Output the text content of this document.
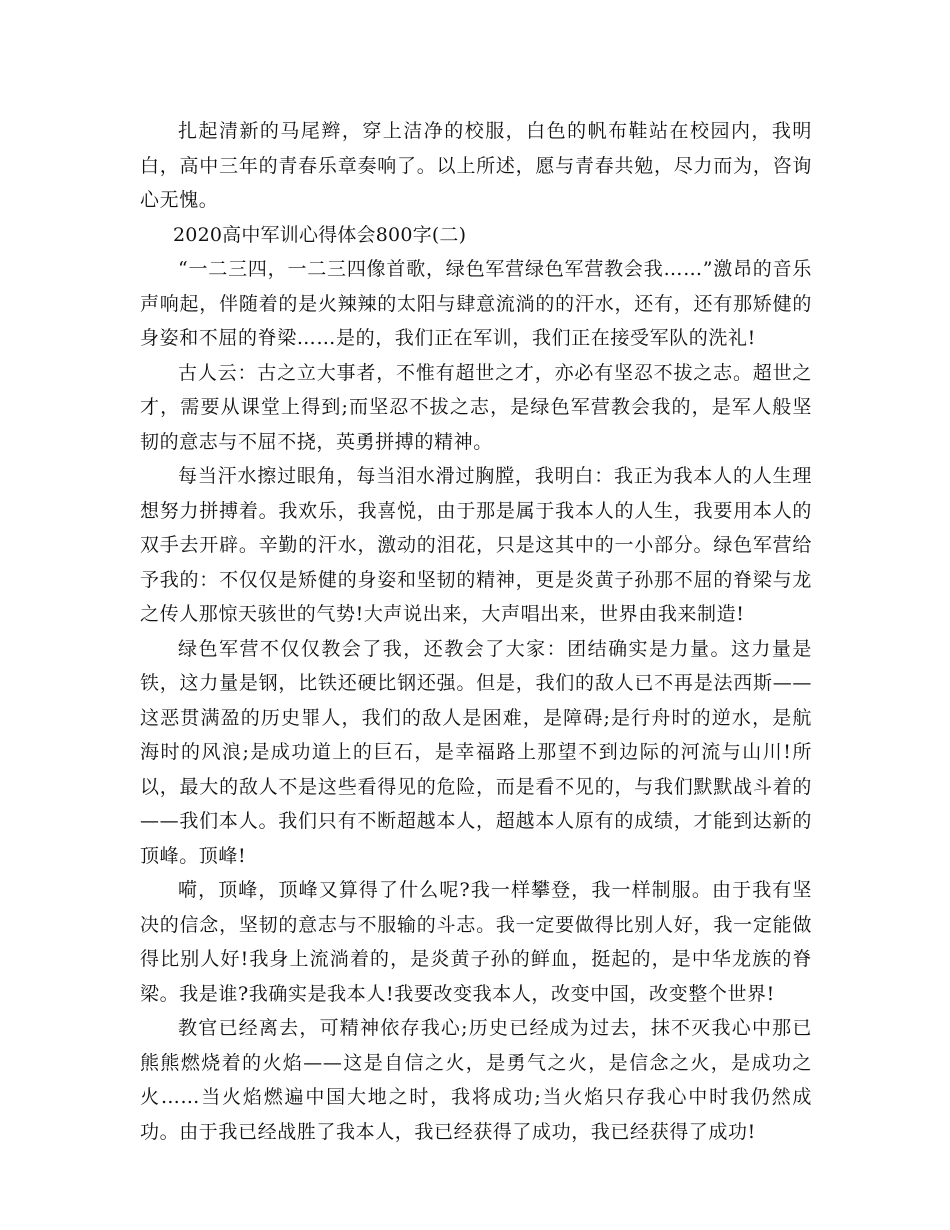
扎起清新的马尾辫，穿上洁净的校服，白色的帆布鞋站在校园内，我明白，高中三年的青春乐章奏响了。以上所述，愿与青春共勉，尽力而为，咨询心无愧。

2020高中军训心得体会800字(二)

“一二三四，一二三四像首歌，绿色军营绿色军营教会我……”激昂的音乐声响起，伴随着的是火辣辣的太阳与肆意流淌的的汗水，还有，还有那矫健的身姿和不屈的脊梁……是的，我们正在军训，我们正在接受军队的洗礼!

古人云：古之立大事者，不惟有超世之才，亦必有坚忍不拔之志。超世之才，需要从课堂上得到;而坚忍不拔之志，是绿色军营教会我的，是军人般坚韧的意志与不屈不挠，英勇拼搏的精神。

每当汗水擦过眼角，每当泪水滑过胸膛，我明白：我正为我本人的人生理想努力拼搏着。我欢乐，我喜悦，由于那是属于我本人的人生，我要用本人的双手去开辟。辛勤的汗水，激动的泪花，只是这其中的一小部分。绿色军营给予我的：不仅仅是矫健的身姿和坚韧的精神，更是炎黄子孙那不屈的脊梁与龙之传人那惊天骇世的气势!大声说出来，大声唱出来，世界由我来制造!

绿色军营不仅仅教会了我，还教会了大家：团结确实是力量。这力量是铁，这力量是钢，比铁还硬比钢还强。但是，我们的敌人已不再是法西斯——这恶贯满盈的历史罪人，我们的敌人是困难，是障碍;是行舟时的逆水，是航海时的风浪;是成功道上的巨石，是幸福路上那望不到边际的河流与山川!所以，最大的敌人不是这些看得见的危险，而是看不见的，与我们默默战斗着的——我们本人。我们只有不断超越本人，超越本人原有的成绩，才能到达新的顶峰。顶峰!

嗬，顶峰，顶峰又算得了什么呢?我一样攀登，我一样制服。由于我有坚决的信念，坚韧的意志与不服输的斗志。我一定要做得比别人好，我一定能做得比别人好!我身上流淌着的，是炎黄子孙的鲜血，挺起的，是中华龙族的脊梁。我是谁?我确实是我本人!我要改变我本人，改变中国，改变整个世界!

教官已经离去，可精神依存我心;历史已经成为过去，抹不灭我心中那已熊熊燃烧着的火焰——这是自信之火，是勇气之火，是信念之火，是成功之火……当火焰燃遍中国大地之时，我将成功;当火焰只存我心中时我仍然成功。由于我已经战胜了我本人，我已经获得了成功，我已经获得了成功!
